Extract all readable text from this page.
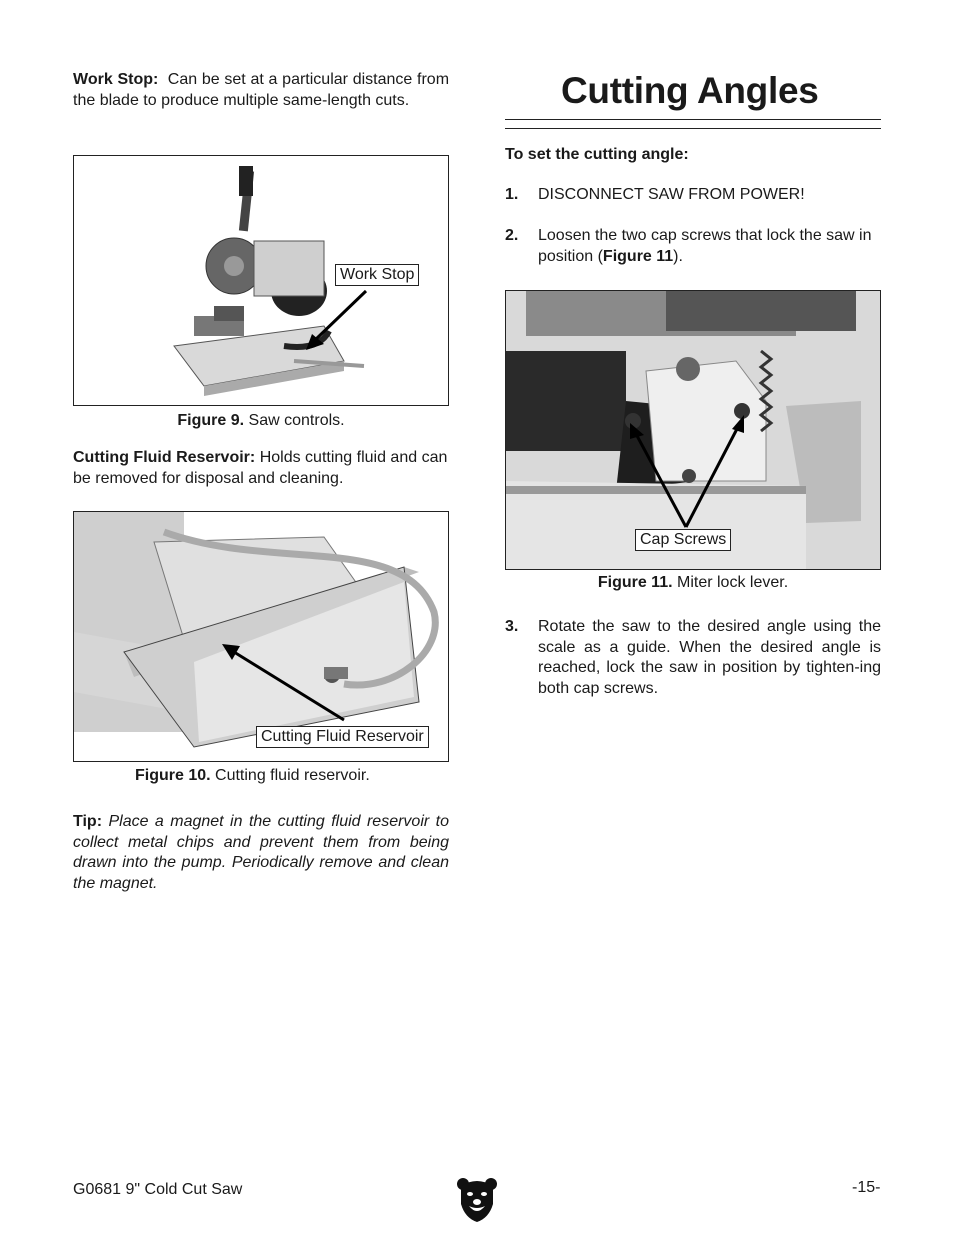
Work Stop: Can be set at a particular distance from the blade to produce multiple same-length cuts.

Work Stop
Figure 9. Saw controls.

Cutting Fluid Reservoir: Holds cutting fluid and can be removed for disposal and cleaning.

Cutting Fluid Reservoir
Figure 10. Cutting fluid reservoir.

Tip: Place a magnet in the cutting fluid reservoir to collect metal chips and prevent them from being drawn into the pump. Periodically remove and clean the magnet.

Cutting Angles

To set the cutting angle:

1. DISCONNECT SAW FROM POWER!
2. Loosen the two cap screws that lock the saw in position (Figure 11).
Cap Screws
Figure 11. Miter lock lever.
3. Rotate the saw to the desired angle using the scale as a guide. When the desired angle is reached, lock the saw in position by tighten-ing both cap screws.
G0681 9" Cold Cut Saw	-15-
